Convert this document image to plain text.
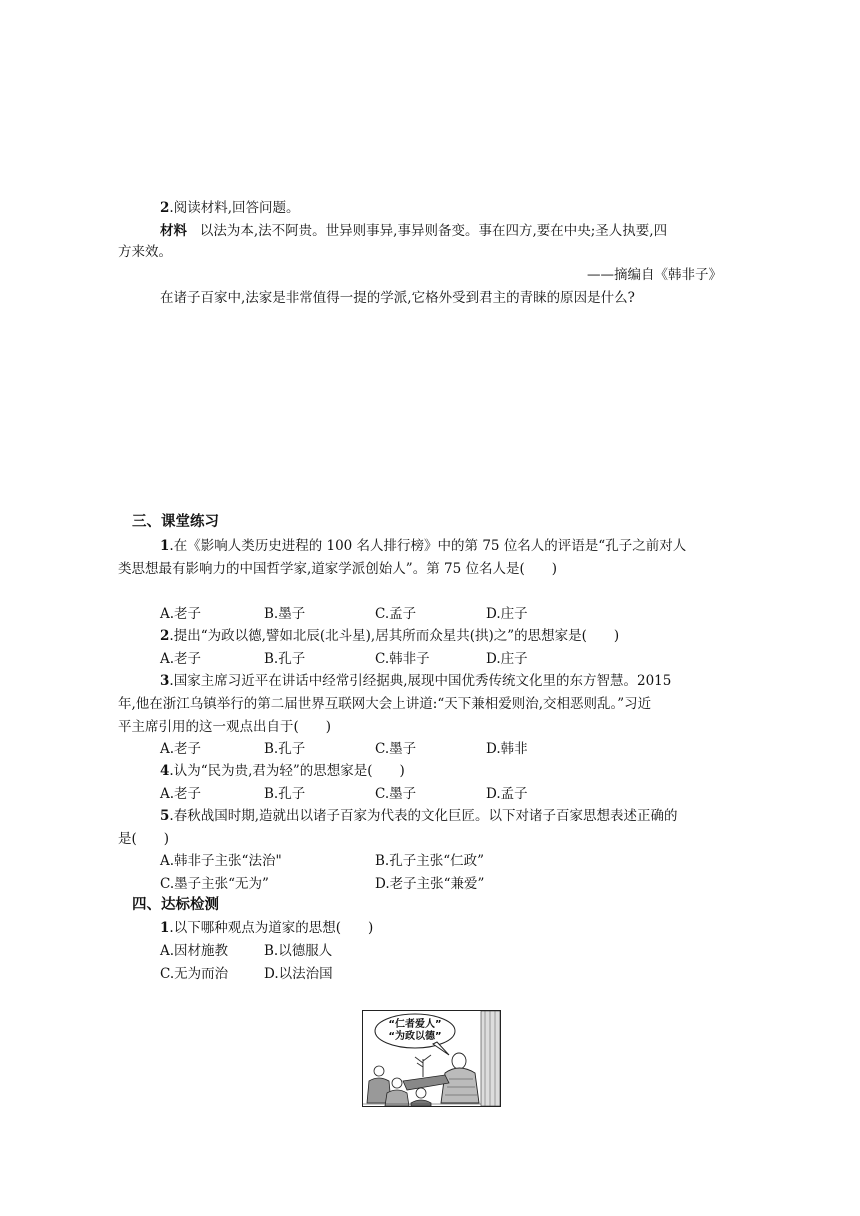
2.阅读材料,回答问题。
材料 以法为本,法不阿贵。世异则事异,事异则备变。事在四方,要在中央;圣人执要,四
方来效。
——摘编自《韩非子》
在诸子百家中,法家是非常值得一提的学派,它格外受到君主的青睐的原因是什么?
三、课堂练习
1.在《影响人类历史进程的 100 名人排行榜》中的第 75 位名人的评语是“孔子之前对人
类思想最有影响力的中国哲学家,道家学派创始人”。第 75 位名人是(　　)
A.老子	B.墨子	C.孟子	D.庄子
2.提出“为政以德,譬如北辰(北斗星),居其所而众星共(拱)之”的思想家是(　　)
A.老子	B.孔子	C.韩非子	D.庄子
3.国家主席习近平在讲话中经常引经据典,展现中国优秀传统文化里的东方智慧。2015
年,他在浙江乌镇举行的第二届世界互联网大会上讲道:“天下兼相爱则治,交相恶则乱。”习近
平主席引用的这一观点出自于(　　)
A.老子	B.孔子	C.墨子	D.韩非
4.认为“民为贵,君为轻”的思想家是(　　)
A.老子	B.孔子	C.墨子	D.孟子
5.春秋战国时期,造就出以诸子百家为代表的文化巨匠。以下对诸子百家思想表述正确的
是(　　)
A.韩非子主张“法治"	B.孔子主张“仁政”
C.墨子主张“无为”	D.老子主张“兼爱”
四、达标检测
1.以下哪种观点为道家的思想(　　)
A.因材施教	B.以德服人
C.无为而治	D.以法治国
“仁者爱人”
“为政以德”
